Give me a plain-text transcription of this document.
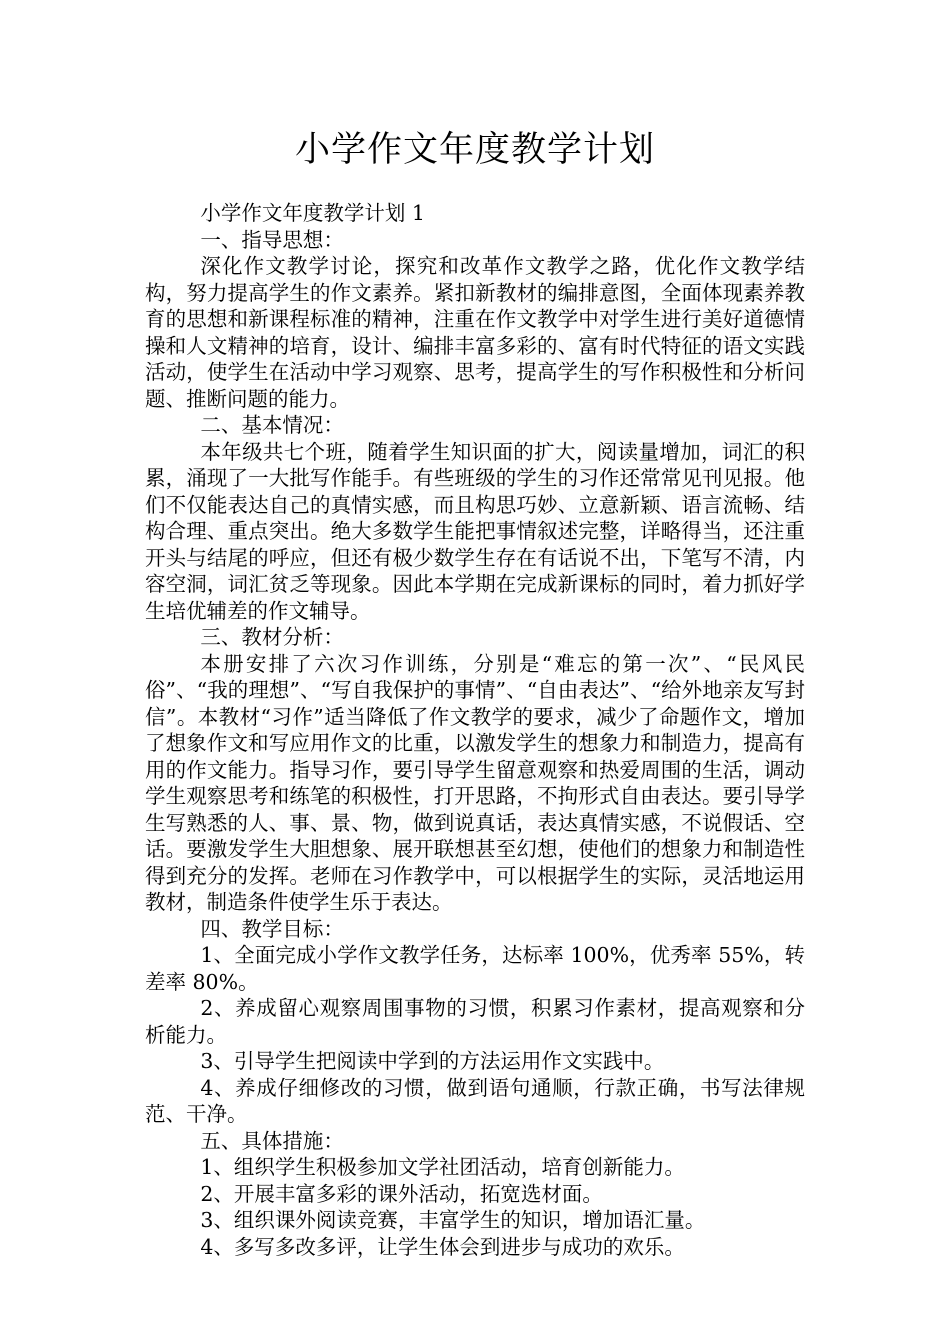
小学作文年度教学计划

小学作文年度教学计划 1

一、指导思想：

深化作文教学讨论，探究和改革作文教学之路，优化作文教学结构，努力提高学生的作文素养。紧扣新教材的编排意图，全面体现素养教育的思想和新课程标准的精神，注重在作文教学中对学生进行美好道德情操和人文精神的培育，设计、编排丰富多彩的、富有时代特征的语文实践活动，使学生在活动中学习观察、思考，提高学生的写作积极性和分析问题、推断问题的能力。

二、基本情况：

本年级共七个班，随着学生知识面的扩大，阅读量增加，词汇的积累，涌现了一大批写作能手。有些班级的学生的习作还常常见刊见报。他们不仅能表达自己的真情实感，而且构思巧妙、立意新颖、语言流畅、结构合理、重点突出。绝大多数学生能把事情叙述完整，详略得当，还注重开头与结尾的呼应，但还有极少数学生存在有话说不出，下笔写不清，内容空洞，词汇贫乏等现象。因此本学期在完成新课标的同时，着力抓好学生培优辅差的作文辅导。

三、教材分析：

本册安排了六次习作训练，分别是“难忘的第一次”、“民风民俗”、“我的理想”、“写自我保护的事情”、“自由表达”、“给外地亲友写封信”。本教材“习作”适当降低了作文教学的要求，减少了命题作文，增加了想象作文和写应用作文的比重，以激发学生的想象力和制造力，提高有用的作文能力。指导习作，要引导学生留意观察和热爱周围的生活，调动学生观察思考和练笔的积极性，打开思路，不拘形式自由表达。要引导学生写熟悉的人、事、景、物，做到说真话，表达真情实感，不说假话、空话。要激发学生大胆想象、展开联想甚至幻想，使他们的想象力和制造性得到充分的发挥。老师在习作教学中，可以根据学生的实际，灵活地运用教材，制造条件使学生乐于表达。

四、教学目标：

1、全面完成小学作文教学任务，达标率 100%，优秀率 55%，转差率 80%。

2、养成留心观察周围事物的习惯，积累习作素材，提高观察和分析能力。

3、引导学生把阅读中学到的方法运用作文实践中。

4、养成仔细修改的习惯，做到语句通顺，行款正确，书写法律规范、干净。

五、具体措施：

1、组织学生积极参加文学社团活动，培育创新能力。

2、开展丰富多彩的课外活动，拓宽选材面。

3、组织课外阅读竞赛，丰富学生的知识，增加语汇量。

4、多写多改多评，让学生体会到进步与成功的欢乐。
